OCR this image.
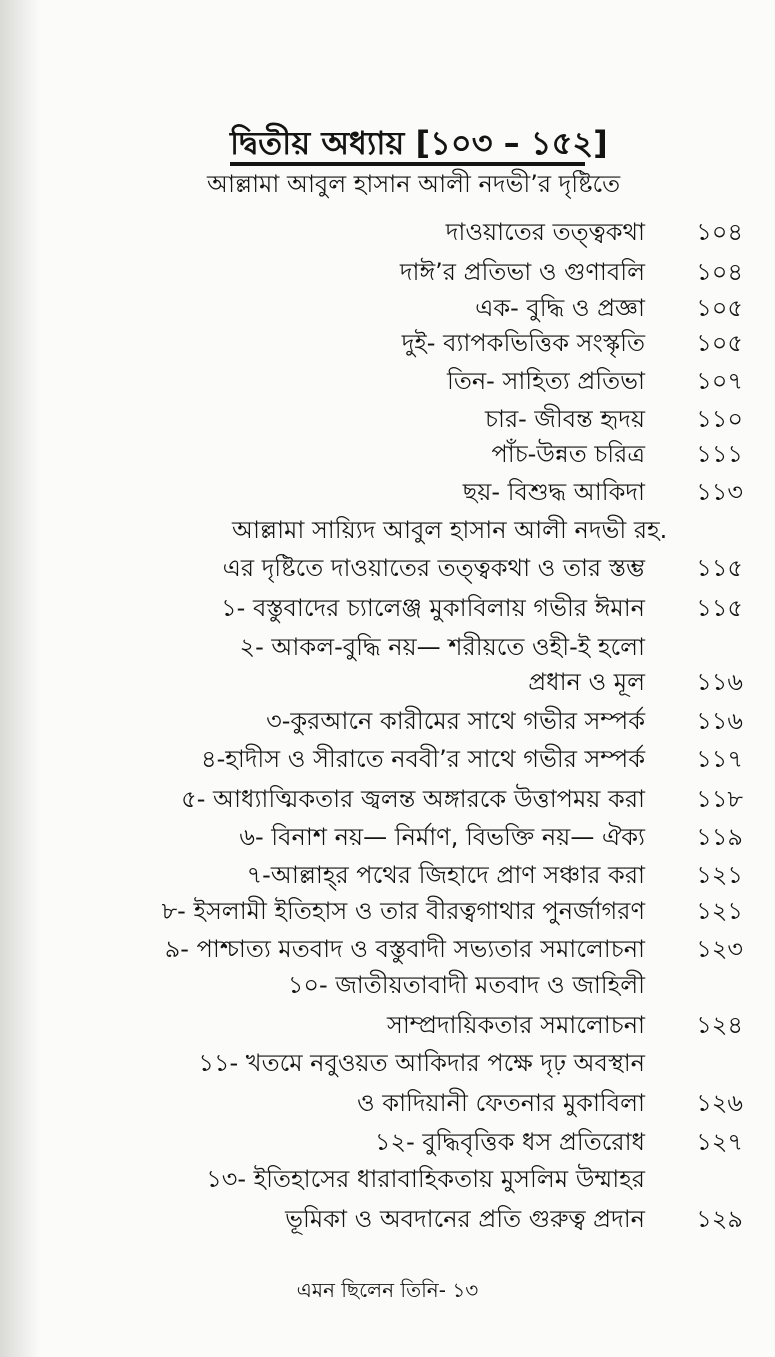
দ্বিতীয় অধ্যায় [১০৩ – ১৫২]
আল্লামা আবুল হাসান আলী নদভী’র দৃষ্টিতে
দাওয়াতের তত্ত্বকথা	১০৪
দাঈ’র প্রতিভা ও গুণাবলি	১০৪
এক- বুদ্ধি ও প্রজ্ঞা	১০৫
দুই- ব্যাপকভিত্তিক সংস্কৃতি	১০৫
তিন- সাহিত্য প্রতিভা	১০৭
চার- জীবন্ত হৃদয়	১১০
পাঁচ-উন্নত চরিত্র	১১১
ছয়- বিশুদ্ধ আকিদা	১১৩
আল্লামা সায়্যিদ আবুল হাসান আলী নদভী রহ.
এর দৃষ্টিতে দাওয়াতের তত্ত্বকথা ও তার স্তম্ভ	১১৫
১- বস্তুবাদের চ্যালেঞ্জ মুকাবিলায় গভীর ঈমান	১১৫
২- আকল-বুদ্ধি নয়— শরীয়তে ওহী-ই হলো
প্রধান ও মূল	১১৬
৩-কুরআনে কারীমের সাথে গভীর সম্পর্ক	১১৬
৪-হাদীস ও সীরাতে নববী’র সাথে গভীর সম্পর্ক	১১৭
৫- আধ্যাত্মিকতার জ্বলন্ত অঙ্গারকে উত্তাপময় করা	১১৮
৬- বিনাশ নয়— নির্মাণ, বিভক্তি নয়— ঐক্য	১১৯
৭-আল্লাহ্‌র পথের জিহাদে প্রাণ সঞ্চার করা	১২১
৮- ইসলামী ইতিহাস ও তার বীরত্বগাথার পুনর্জাগরণ	১২১
৯- পাশ্চাত্য মতবাদ ও বস্তুবাদী সভ্যতার সমালোচনা	১২৩
১০- জাতীয়তাবাদী মতবাদ ও জাহিলী
সাম্প্রদায়িকতার সমালোচনা	১২৪
১১- খতমে নবুওয়ত আকিদার পক্ষে দৃঢ় অবস্থান
ও কাদিয়ানী ফেতনার মুকাবিলা	১২৬
১২- বুদ্ধিবৃত্তিক ধস প্রতিরোধ	১২৭
১৩- ইতিহাসের ধারাবাহিকতায় মুসলিম উম্মাহর
ভূমিকা ও অবদানের প্রতি গুরুত্ব প্রদান	১২৯
এমন ছিলেন তিনি- ১৩
